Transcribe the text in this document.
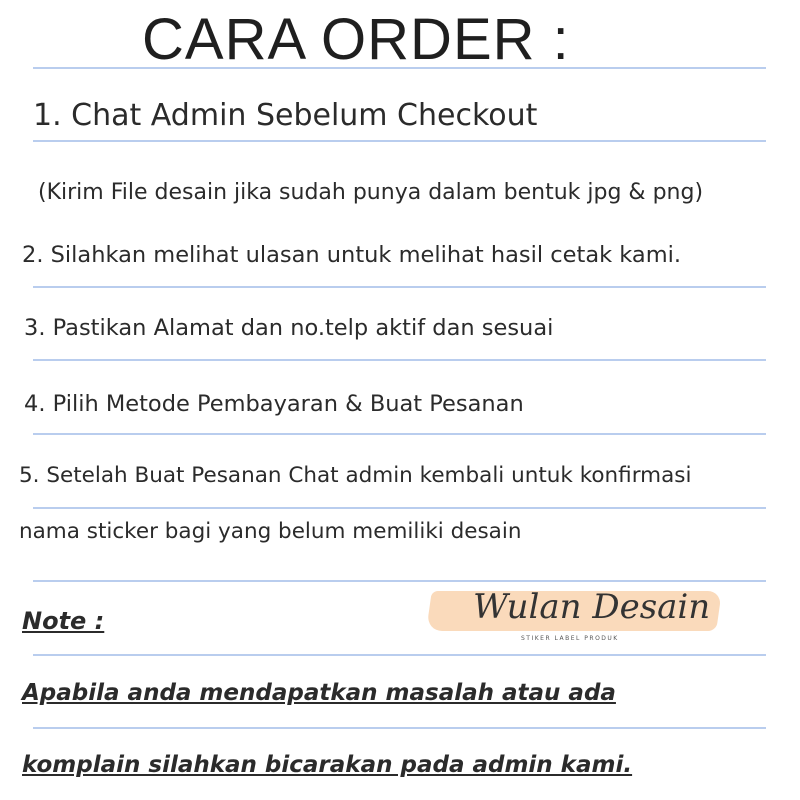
CARA ORDER :
1. Chat Admin Sebelum Checkout
(Kirim File desain jika sudah punya dalam bentuk jpg & png)
2. Silahkan melihat ulasan untuk melihat hasil cetak kami.
3. Pastikan Alamat dan no.telp aktif dan sesuai
4. Pilih Metode Pembayaran & Buat Pesanan
5. Setelah Buat Pesanan Chat admin kembali untuk konfirmasi
nama sticker bagi yang belum memiliki desain
Note :	Wulan Desain
STIKER LABEL PRODUK
Apabila anda mendapatkan masalah atau ada
komplain silahkan bicarakan pada admin kami.
